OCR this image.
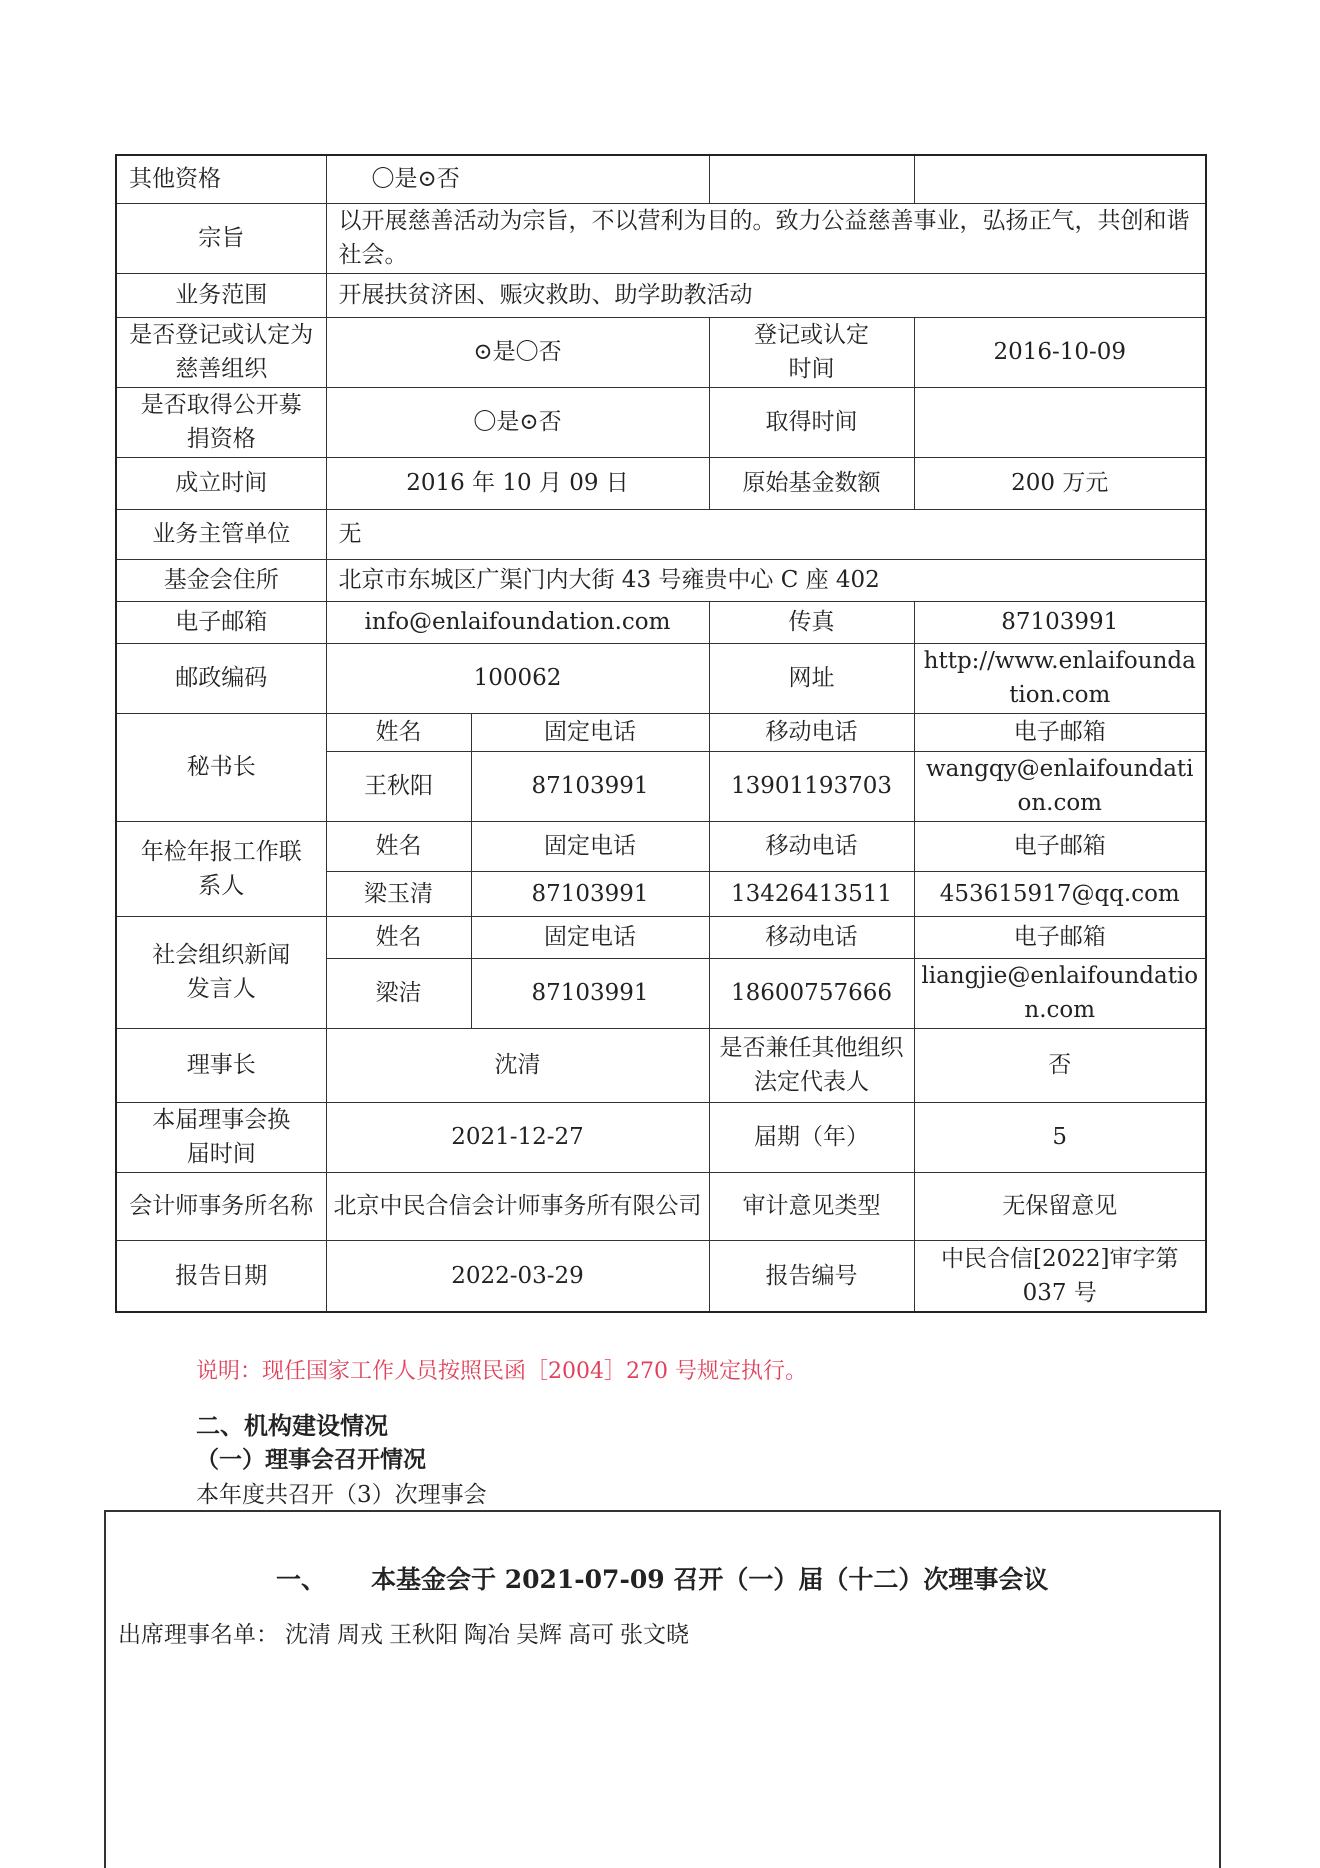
其他资格	〇是⊙否			
宗旨	以开展慈善活动为宗旨，不以营利为目的。致力公益慈善事业，弘扬正气，共创和谐社会。			
业务范围	开展扶贫济困、赈灾救助、助学助教活动			
是否登记或认定为慈善组织	⊙是〇否		登记或认定时间	2016-10-09
是否取得公开募捐资格	〇是⊙否		取得时间	
成立时间	2016 年 10 月 09 日		原始基金数额	200 万元
业务主管单位	无			
基金会住所	北京市东城区广渠门内大街 43 号雍贵中心 C 座 402			
电子邮箱	info@enlaifoundation.com		传真	87103991
邮政编码	100062		网址	http://www.enlaifoundation.com
秘书长	姓名	固定电话	移动电话	电子邮箱
	王秋阳	87103991	13901193703	wangqy@enlaifoundation.com
年检年报工作联系人	姓名	固定电话	移动电话	电子邮箱
	梁玉清	87103991	13426413511	453615917@qq.com
社会组织新闻发言人	姓名	固定电话	移动电话	电子邮箱
	梁洁	87103991	18600757666	liangjie@enlaifoundation.com
理事长	沈清		是否兼任其他组织法定代表人	否
本届理事会换届时间	2021-12-27		届期（年）	5
会计师事务所名称	北京中民合信会计师事务所有限公司		审计意见类型	无保留意见
报告日期	2022-03-29		报告编号	中民合信[2022]审字第 037 号
说明：现任国家工作人员按照民函［2004］270 号规定执行。
二、机构建设情况
（一）理事会召开情况
本年度共召开（3）次理事会
一、 本基金会于 2021-07-09 召开（一）届（十二）次理事会议
出席理事名单： 沈清 周戎 王秋阳 陶冶 吴辉 高可 张文晓
